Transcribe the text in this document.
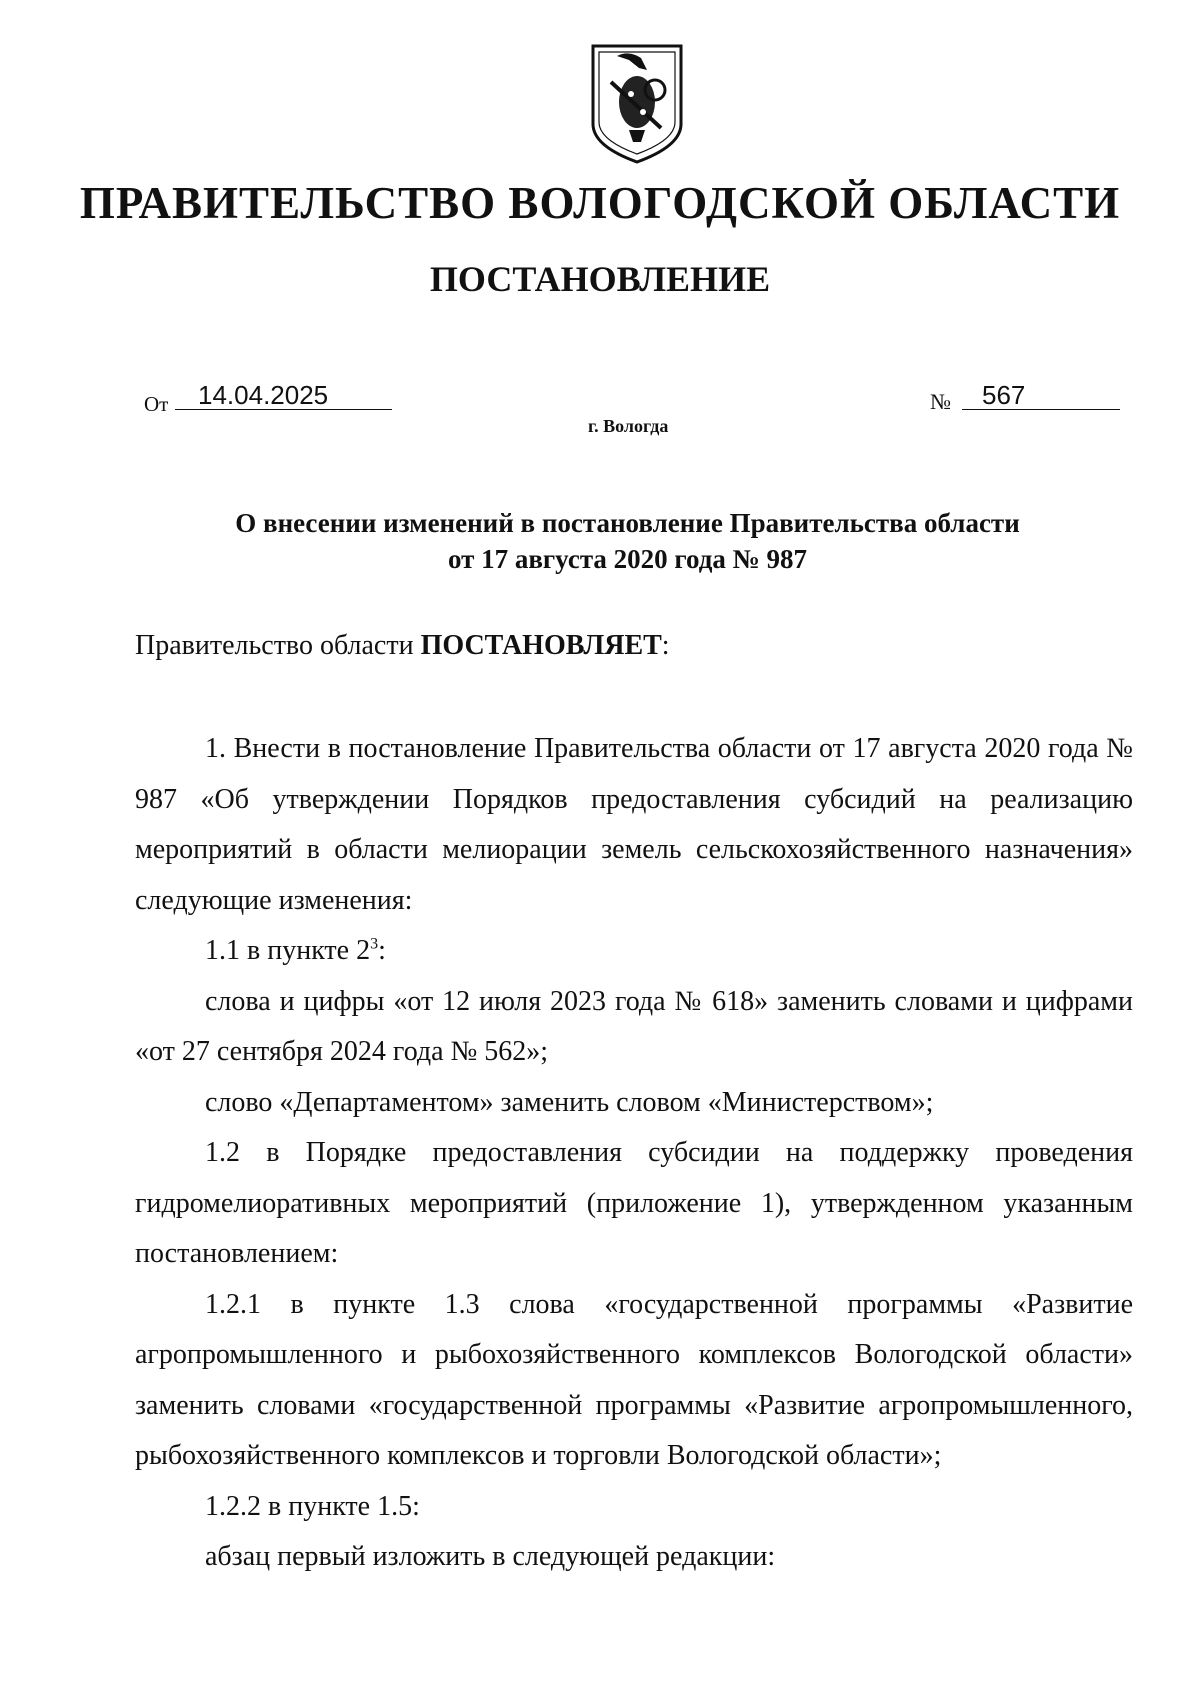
ПРАВИТЕЛЬСТВО ВОЛОГОДСКОЙ ОБЛАСТИ
ПОСТАНОВЛЕНИЕ
От	14.04.2025
г. Вологда
№	567
О внесении изменений в постановление Правительства области
от 17 августа 2020 года № 987
Правительство области ПОСТАНОВЛЯЕТ:

1. Внести в постановление Правительства области от 17 августа 2020 года № 987 «Об утверждении Порядков предоставления субсидий на реализацию мероприятий в области мелиорации земель сельскохозяйственного назначения» следующие изменения:

1.1 в пункте $2^3$:

слова и цифры «от 12 июля 2023 года № 618» заменить словами и цифрами «от 27 сентября 2024 года № 562»;

слово «Департаментом» заменить словом «Министерством»;

1.2 в Порядке предоставления субсидии на поддержку проведения гидромелиоративных мероприятий (приложение 1), утвержденном указанным постановлением:

1.2.1 в пункте 1.3 слова «государственной программы «Развитие агропромышленного и рыбохозяйственного комплексов Вологодской области» заменить словами «государственной программы «Развитие агропромышленного, рыбохозяйственного комплексов и торговли Вологодской области»;

1.2.2 в пункте 1.5:

абзац первый изложить в следующей редакции:
